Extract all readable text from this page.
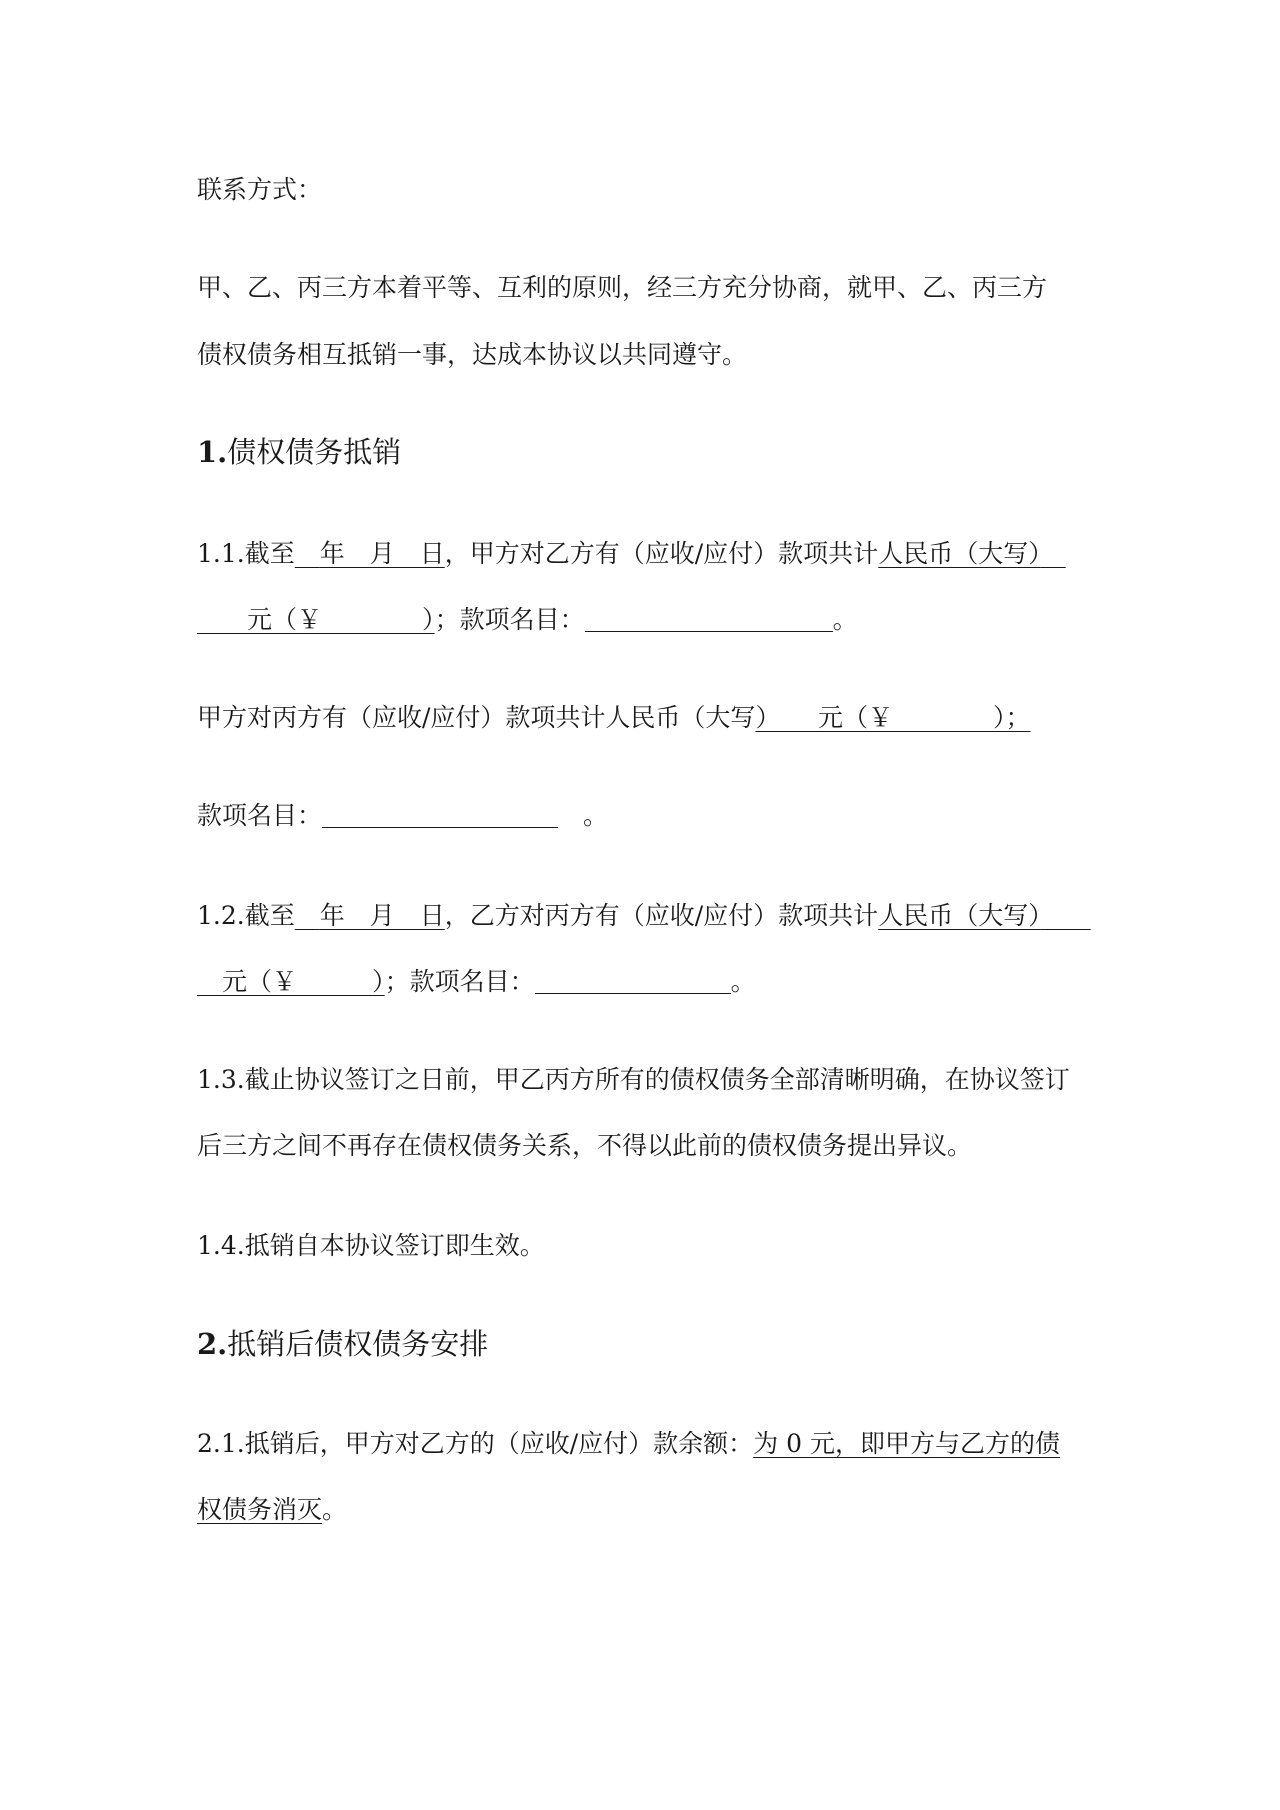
联系方式：
甲、乙、丙三方本着平等、互利的原则，经三方充分协商，就甲、乙、丙三方
债权债务相互抵销一事，达成本协议以共同遵守。
1.债权债务抵销
1.1.截至　 年　月　日，甲方对乙方有（应收/应付）款项共计人民币（大写）　
　　元（￥　　　　	）；款项名目：	。
甲方对丙方有（应收/应付）款项共计人民币（大写）　　元（￥　　　　）；
款项名目：　	。
1.2.截至　 年　月　日，乙方对丙方有（应收/应付）款项共计人民币（大写）　　
　元（￥　　　	）；款项名目：	。
1.3.截止协议签订之日前，甲乙丙方所有的债权债务全部清晰明确，在协议签订
后三方之间不再存在债权债务关系，不得以此前的债权债务提出异议。
1.4.抵销自本协议签订即生效。
2.抵销后债权债务安排
2.1.抵销后，甲方对乙方的（应收/应付）款余额：为 0 元，即甲方与乙方的债
权债务消灭。
